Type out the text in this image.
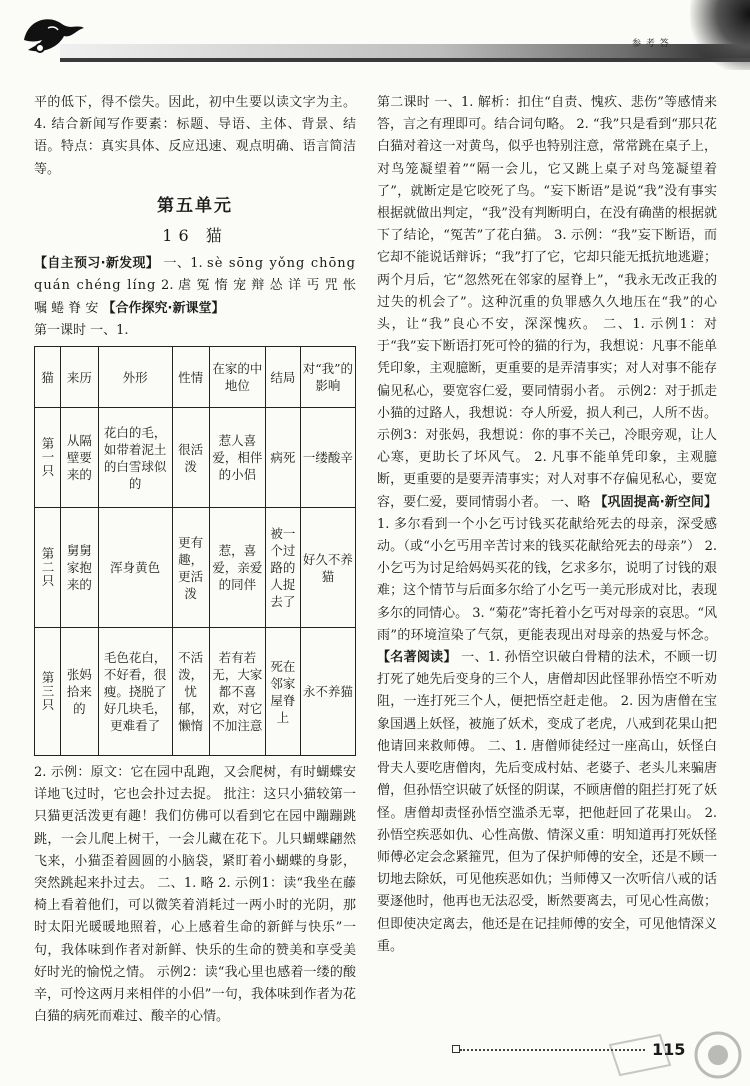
参 考 答

平的低下，得不偿失。因此，初中生要以读文字为主。 4. 结合新闻写作要素：标题、导语、主体、背景、结语。特点：真实具体、反应迅速、观点明确、语言简洁等。

第五单元
16 猫

【自主预习·新发现】 一、1. sè sōng yǒng chōng quán chéng líng 2. 虐 冤 惰 宠 辩 怂 详 丐 咒 怅 嘱 蜷 脊 安 【合作探究·新课堂】

第一课时 一、1.

猫	来历	外形	性情	在家的中地位	结局	对“我”的影响

第一只	从隔壁要来的	花白的毛，如带着泥土的白雪球似的	很活泼	惹人喜爱，相伴的小侣	病死	一缕酸辛

第二只	舅舅家抱来的	浑身黄色	更有趣，更活泼	惹，喜爱，亲爱的同伴	被一个过路的人捉去了	好久不养猫

第三只	张妈拾来的	毛色花白，不好看，很瘦。挠脱了好几块毛，更难看了	不活泼，忧郁，懒惰	若有若无，大家都不喜欢，对它不加注意	死在邻家屋脊上	永不养猫

2. 示例：原文：它在园中乱跑，又会爬树，有时蝴蝶安详地飞过时，它也会扑过去捉。 批注：这只小猫较第一只猫更活泼更有趣！我们仿佛可以看到它在园中蹦蹦跳跳，一会儿爬上树干，一会儿藏在花下。儿只蝴蝶翩然飞来，小猫歪着圆圆的小脑袋，紧盯着小蝴蝶的身影，突然跳起来扑过去。 二、1. 略 2. 示例1：读“我坐在藤椅上看着他们，可以微笑着消耗过一两小时的光阴，那时太阳光暖暖地照着，心上感着生命的新鲜与快乐”一句，我体味到作者对新鲜、快乐的生命的赞美和享受美好时光的愉悦之情。 示例2：读“我心里也感着一缕的酸辛，可怜这两月来相伴的小侣”一句，我体味到作者为花白猫的病死而难过、酸辛的心情。

第二课时 一、1. 解析：扣住“自责、愧疚、悲伤”等感情来答，言之有理即可。结合词句略。 2. “我”只是看到“那只花白猫对着这一对黄鸟，似乎也特别注意，常常跳在桌子上，对鸟笼凝望着”“隔一会儿，它又跳上桌子对鸟笼凝望着了”，就断定是它咬死了鸟。“妄下断语”是说“我”没有事实根据就做出判定，“我”没有判断明白，在没有确凿的根据就下了结论，“冤苦”了花白猫。 3. 示例：“我”妄下断语，而它却不能说话辩诉；“我”打了它，它却只能无抵抗地逃避；两个月后，它“忽然死在邻家的屋脊上”，“我永无改正我的过失的机会了”。这种沉重的负罪感久久地压在“我”的心头，让“我”良心不安，深深愧疚。 二、1. 示例1：对于“我”妄下断语打死可怜的猫的行为，我想说：凡事不能单凭印象，主观臆断，更重要的是弄清事实；对人对事不能存偏见私心，要宽容仁爱，要同情弱小者。 示例2：对于抓走小猫的过路人，我想说：夺人所爱，损人利己，人所不齿。 示例3：对张妈，我想说：你的事不关己，冷眼旁观，让人心寒，更助长了坏风气。 2. 凡事不能单凭印象，主观臆断，更重要的是要弄清事实；对人对事不存偏见私心，要宽容，要仁爱，要同情弱小者。 一、略 【巩固提高·新空间】 1. 多尔看到一个小乞丐讨钱买花献给死去的母亲，深受感动。（或“小乞丐用辛苦讨来的钱买花献给死去的母亲”） 2. 小乞丐为讨足给妈妈买花的钱，乞求多尔，说明了讨钱的艰难；这个情节与后面多尔给了小乞丐一美元形成对比，表现多尔的同情心。 3. “菊花”寄托着小乞丐对母亲的哀思。“风雨”的环境渲染了气氛，更能表现出对母亲的热爱与怀念。 【名著阅读】 一、1. 孙悟空识破白骨精的法术，不顾一切打死了她先后变身的三个人，唐僧却因此怪罪孙悟空不听劝阻，一连打死三个人，便把悟空赶走他。 2. 因为唐僧在宝象国遇上妖怪，被施了妖术，变成了老虎，八戒到花果山把他请回来救师傅。 二、1. 唐僧师徒经过一座高山，妖怪白骨夫人要吃唐僧肉，先后变成村姑、老婆子、老头儿来骗唐僧，但孙悟空识破了妖怪的阴谋，不顾唐僧的阻拦打死了妖怪。唐僧却责怪孙悟空滥杀无辜，把他赶回了花果山。 2. 孙悟空疾恶如仇、心性高傲、情深义重：明知道再打死妖怪师傅必定会念紧箍咒，但为了保护师傅的安全，还是不顾一切地去除妖，可见他疾恶如仇；当师傅又一次听信八戒的话要逐他时，他再也无法忍受，断然要离去，可见心性高傲；但即使决定离去，他还是在记挂师傅的安全，可见他情深义重。

115
